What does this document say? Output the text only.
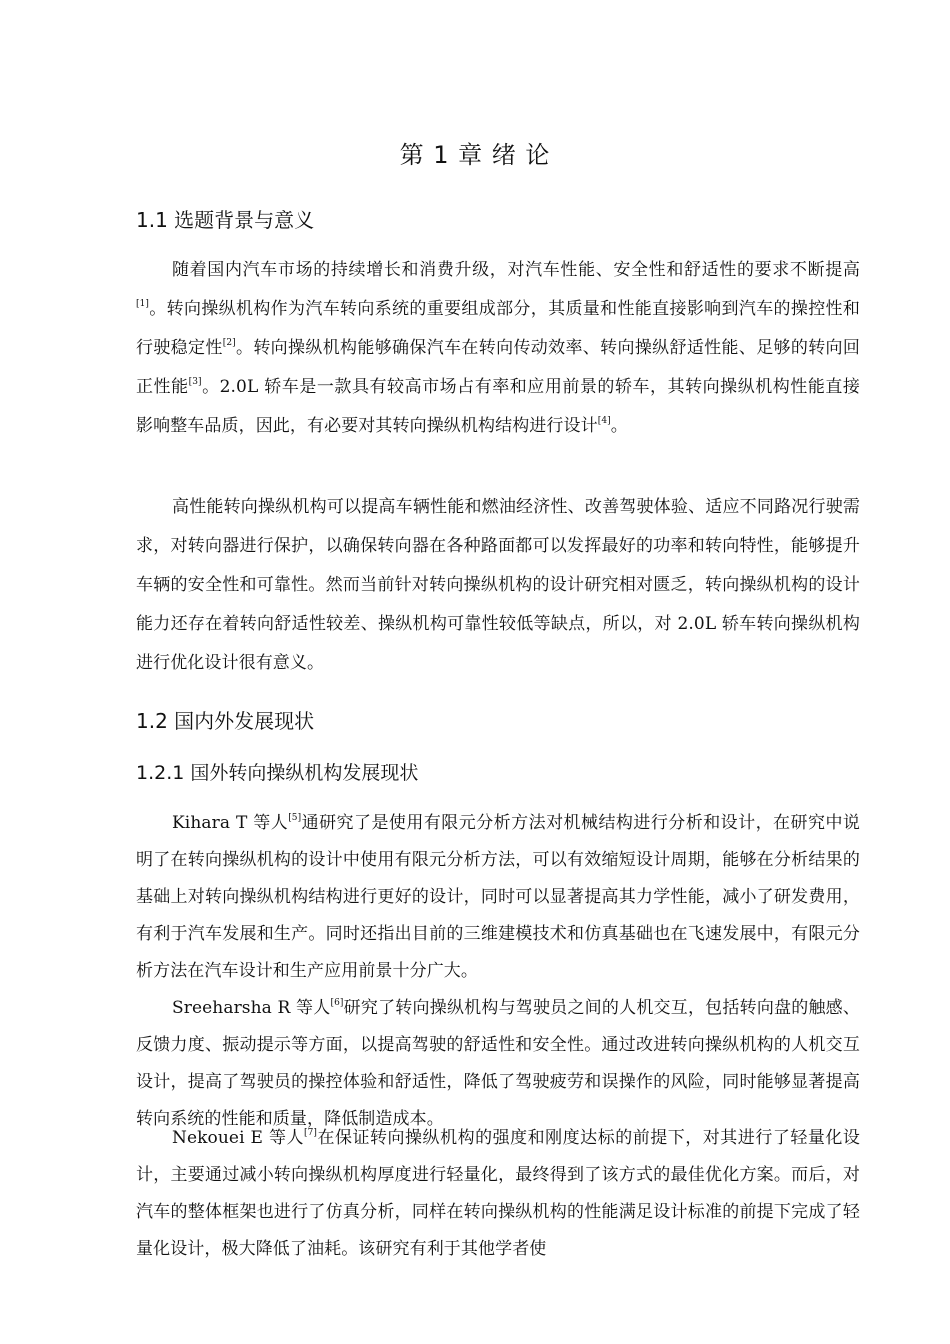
第 1 章 绪 论
1.1 选题背景与意义

随着国内汽车市场的持续增长和消费升级，对汽车性能、安全性和舒适性的要求不断提高[1]。转向操纵机构作为汽车转向系统的重要组成部分，其质量和性能直接影响到汽车的操控性和行驶稳定性[2]。转向操纵机构能够确保汽车在转向传动效率、转向操纵舒适性能、足够的转向回正性能[3]。2.0L 轿车是一款具有较高市场占有率和应用前景的轿车，其转向操纵机构性能直接影响整车品质，因此，有必要对其转向操纵机构结构进行设计[4]。

高性能转向操纵机构可以提高车辆性能和燃油经济性、改善驾驶体验、适应不同路况行驶需求，对转向器进行保护，以确保转向器在各种路面都可以发挥最好的功率和转向特性，能够提升车辆的安全性和可靠性。然而当前针对转向操纵机构的设计研究相对匮乏，转向操纵机构的设计能力还存在着转向舒适性较差、操纵机构可靠性较低等缺点，所以，对 2.0L 轿车转向操纵机构进行优化设计很有意义。

1.2 国内外发展现状
1.2.1 国外转向操纵机构发展现状

Kihara T 等人[5]通研究了是使用有限元分析方法对机械结构进行分析和设计，在研究中说明了在转向操纵机构的设计中使用有限元分析方法，可以有效缩短设计周期，能够在分析结果的基础上对转向操纵机构结构进行更好的设计，同时可以显著提高其力学性能，减小了研发费用，有利于汽车发展和生产。同时还指出目前的三维建模技术和仿真基础也在飞速发展中，有限元分析方法在汽车设计和生产应用前景十分广大。

Sreeharsha R 等人[6]研究了转向操纵机构与驾驶员之间的人机交互，包括转向盘的触感、反馈力度、振动提示等方面，以提高驾驶的舒适性和安全性。通过改进转向操纵机构的人机交互设计，提高了驾驶员的操控体验和舒适性，降低了驾驶疲劳和误操作的风险，同时能够显著提高转向系统的性能和质量，降低制造成本。

Nekouei E 等人[7]在保证转向操纵机构的强度和刚度达标的前提下，对其进行了轻量化设计，主要通过减小转向操纵机构厚度进行轻量化，最终得到了该方式的最佳优化方案。而后，对汽车的整体框架也进行了仿真分析，同样在转向操纵机构的性能满足设计标准的前提下完成了轻量化设计，极大降低了油耗。该研究有利于其他学者使
